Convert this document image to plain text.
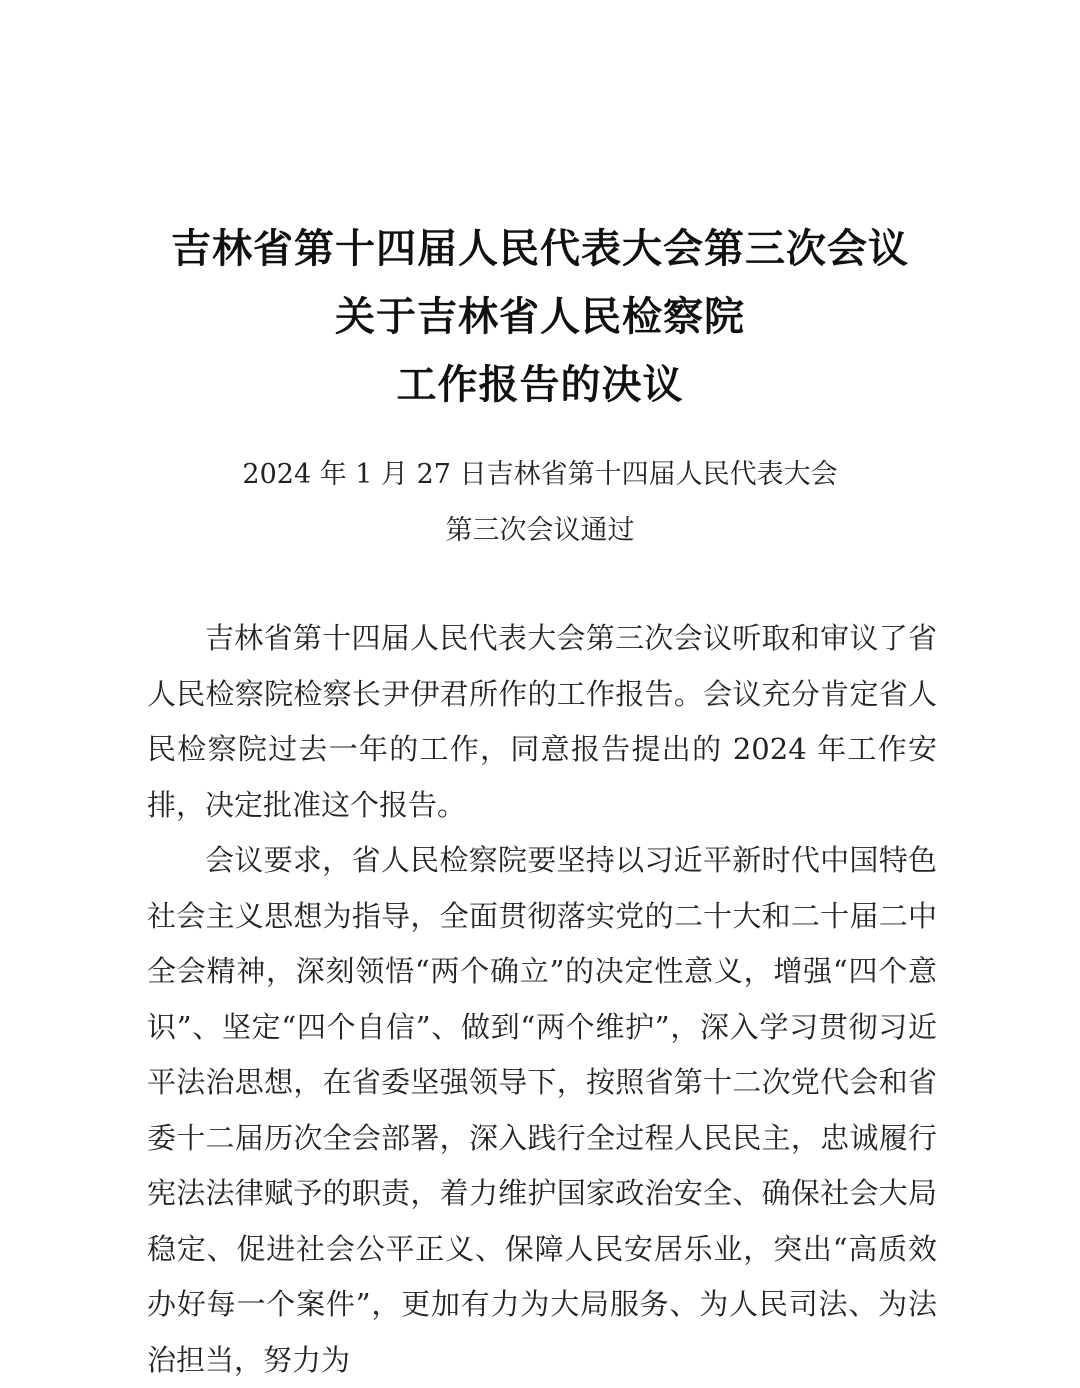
吉林省第十四届人民代表大会第三次会议
关于吉林省人民检察院
工作报告的决议
2024 年 1 月 27 日吉林省第十四届人民代表大会
第三次会议通过

吉林省第十四届人民代表大会第三次会议听取和审议了省人民检察院检察长尹伊君所作的工作报告。会议充分肯定省人民检察院过去一年的工作，同意报告提出的 2024 年工作安排，决定批准这个报告。

会议要求，省人民检察院要坚持以习近平新时代中国特色社会主义思想为指导，全面贯彻落实党的二十大和二十届二中全会精神，深刻领悟“两个确立”的决定性意义，增强“四个意识”、坚定“四个自信”、做到“两个维护”，深入学习贯彻习近平法治思想，在省委坚强领导下，按照省第十二次党代会和省委十二届历次全会部署，深入践行全过程人民民主，忠诚履行宪法法律赋予的职责，着力维护国家政治安全、确保社会大局稳定、促进社会公平正义、保障人民安居乐业，突出“高质效办好每一个案件”，更加有力为大局服务、为人民司法、为法治担当，努力为
